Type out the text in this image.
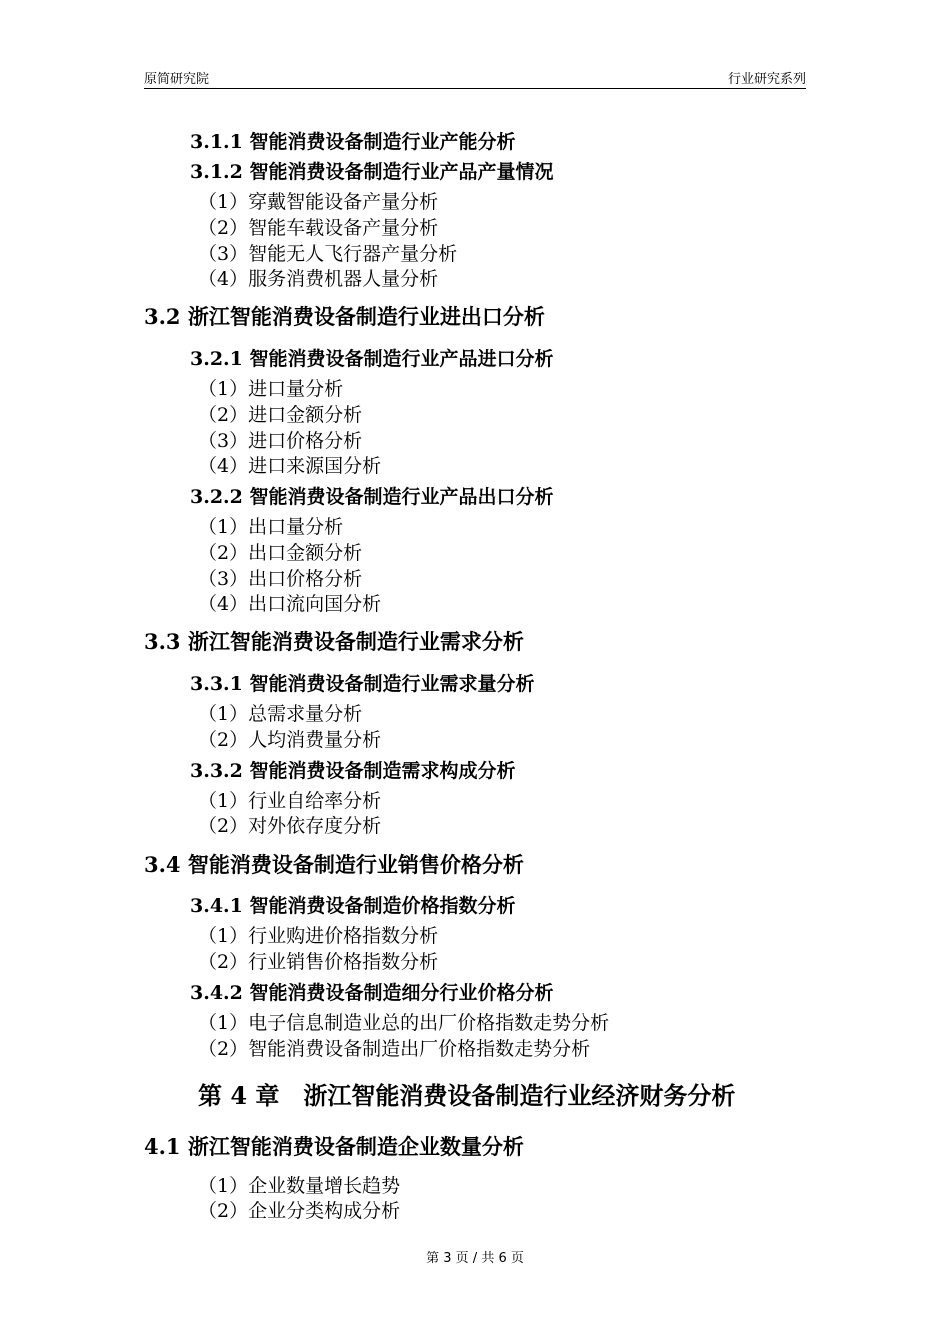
原简研究院	行业研究系列
3.1.1 智能消费设备制造行业产能分析
3.1.2 智能消费设备制造行业产品产量情况
（1）穿戴智能设备产量分析
（2）智能车载设备产量分析
（3）智能无人飞行器产量分析
（4）服务消费机器人量分析
3.2 浙江智能消费设备制造行业进出口分析
3.2.1 智能消费设备制造行业产品进口分析
（1）进口量分析
（2）进口金额分析
（3）进口价格分析
（4）进口来源国分析
3.2.2 智能消费设备制造行业产品出口分析
（1）出口量分析
（2）出口金额分析
（3）出口价格分析
（4）出口流向国分析
3.3 浙江智能消费设备制造行业需求分析
3.3.1 智能消费设备制造行业需求量分析
（1）总需求量分析
（2）人均消费量分析
3.3.2 智能消费设备制造需求构成分析
（1）行业自给率分析
（2）对外依存度分析
3.4 智能消费设备制造行业销售价格分析
3.4.1 智能消费设备制造价格指数分析
（1）行业购进价格指数分析
（2）行业销售价格指数分析
3.4.2 智能消费设备制造细分行业价格分析
（1）电子信息制造业总的出厂价格指数走势分析
（2）智能消费设备制造出厂价格指数走势分析
第 4 章　浙江智能消费设备制造行业经济财务分析
4.1 浙江智能消费设备制造企业数量分析
（1）企业数量增长趋势
（2）企业分类构成分析
第 3 页 / 共 6 页
